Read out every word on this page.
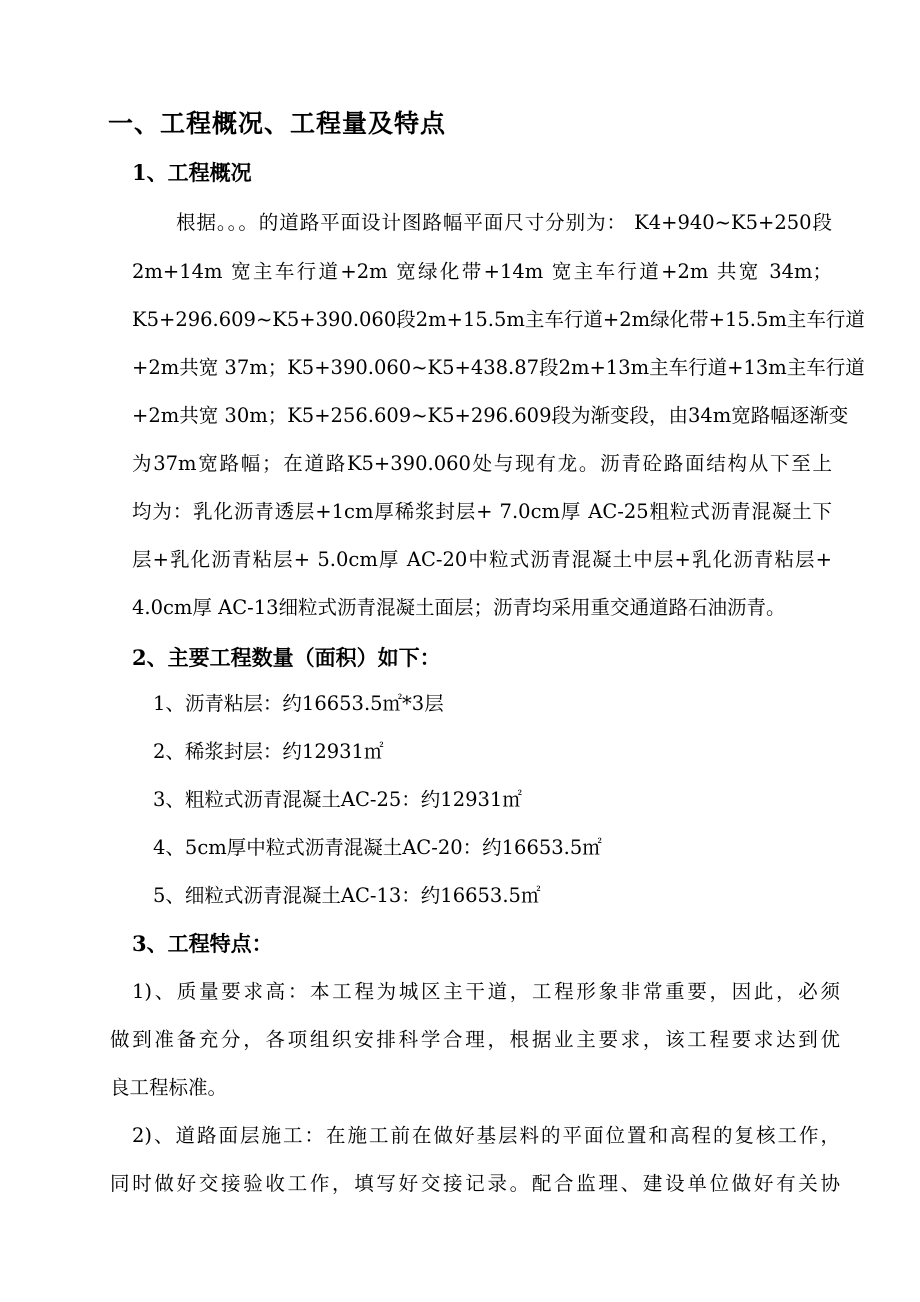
一、工程概况、工程量及特点
1、工程概况
根据。。。的道路平面设计图路幅平面尺寸分别为： K4+940~K5+250段
2m+14m 宽主车行道+2m 宽绿化带+14m 宽主车行道+2m 共宽 34m；
K5+296.609~K5+390.060段2m+15.5m主车行道+2m绿化带+15.5m主车行道
+2m共宽 37m；K5+390.060~K5+438.87段2m+13m主车行道+13m主车行道
+2m共宽 30m；K5+256.609~K5+296.609段为渐变段，由34m宽路幅逐渐变
为37m宽路幅；在道路K5+390.060处与现有龙。沥青砼路面结构从下至上
均为：乳化沥青透层+1cm厚稀浆封层+ 7.0cm厚 AC-25粗粒式沥青混凝土下
层+乳化沥青粘层+ 5.0cm厚 AC-20中粒式沥青混凝土中层+乳化沥青粘层+
4.0cm厚 AC-13细粒式沥青混凝土面层；沥青均采用重交通道路石油沥青。
2、主要工程数量（面积）如下：
1、沥青粘层：约16653.5㎡*3层
2、稀浆封层：约12931㎡
3、粗粒式沥青混凝土AC-25：约12931㎡
4、5cm厚中粒式沥青混凝土AC-20：约16653.5㎡
5、细粒式沥青混凝土AC-13：约16653.5㎡
3、工程特点：
1)、质量要求高：本工程为城区主干道，工程形象非常重要，因此，必须
做到准备充分，各项组织安排科学合理，根据业主要求，该工程要求达到优
良工程标准。
2)、道路面层施工：在施工前在做好基层料的平面位置和高程的复核工作，
同时做好交接验收工作，填写好交接记录。配合监理、建设单位做好有关协
